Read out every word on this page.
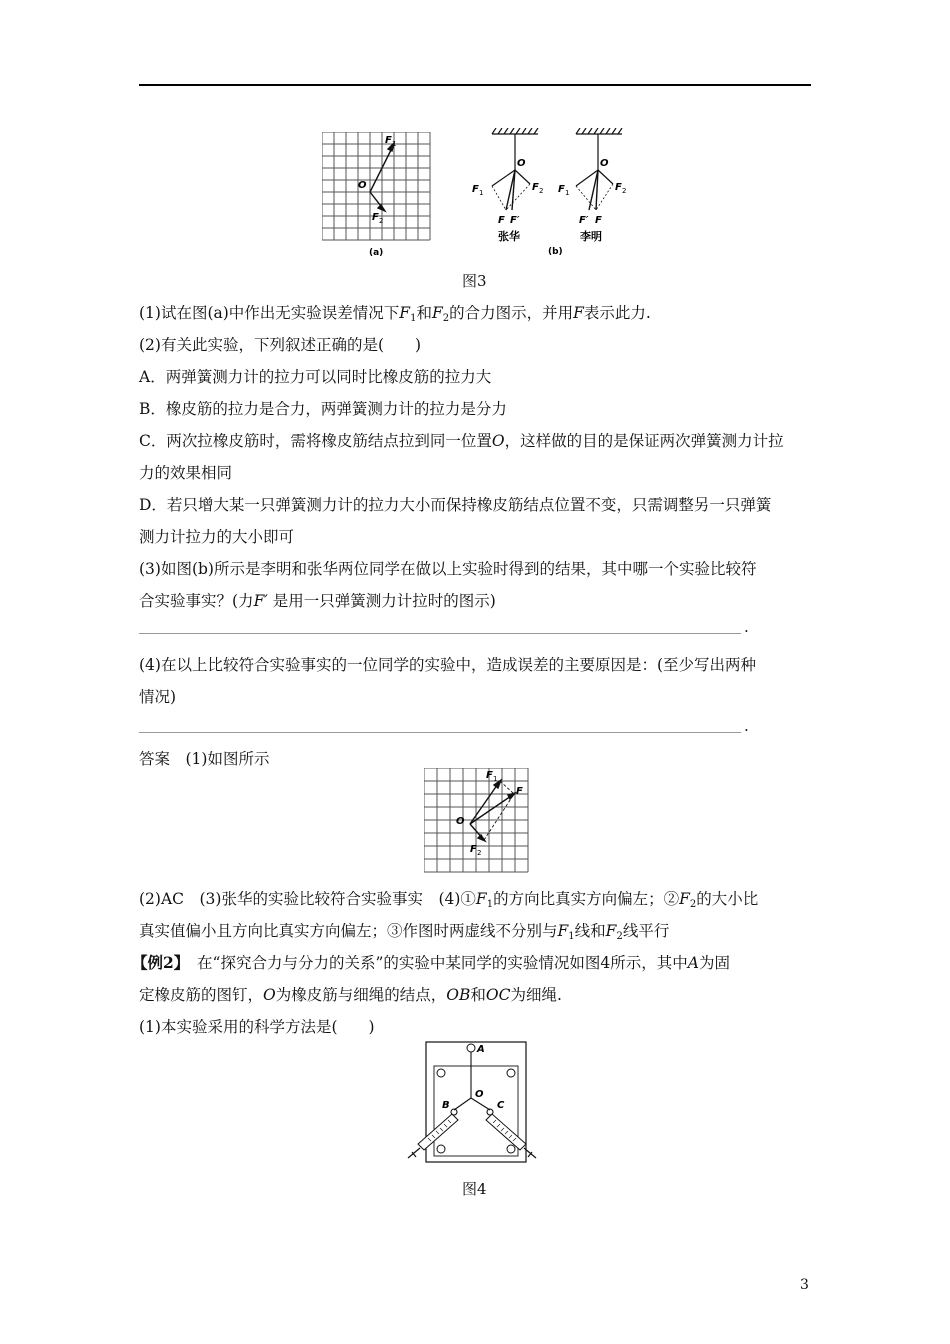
F 1
O
F 2
(a)
O
F 1	F 2
F F′
张华
(b)
O
F 1	F 2
F′ F
李明
图3
(1)试在图(a)中作出无实验误差情况下$F_1$和$F_2$的合力图示，并用F表示此力.
(2)有关此实验，下列叙述正确的是(　　)
A．两弹簧测力计的拉力可以同时比橡皮筋的拉力大
B．橡皮筋的拉力是合力，两弹簧测力计的拉力是分力
C．两次拉橡皮筋时，需将橡皮筋结点拉到同一位置O，这样做的目的是保证两次弹簧测力计拉
力的效果相同
D．若只增大某一只弹簧测力计的拉力大小而保持橡皮筋结点位置不变，只需调整另一只弹簧
测力计拉力的大小即可
(3)如图(b)所示是李明和张华两位同学在做以上实验时得到的结果，其中哪一个实验比较符
合实验事实？(力F′ 是用一只弹簧测力计拉时的图示)
.
(4)在以上比较符合实验事实的一位同学的实验中，造成误差的主要原因是：(至少写出两种
情况)
.
答案　(1)如图所示
F 1
F
O
F 2
(2)AC　(3)张华的实验比较符合实验事实　$(4)①F_1$的方向比真实方向偏左；$②F_2$的大小比
真实值偏小且方向比真实方向偏左；③作图时两虚线不分别与$F_1$线和$F_2$线平行
【例2】　在“探究合力与分力的关系”的实验中某同学的实验情况如图4所示，其中A为固
定橡皮筋的图钉，O为橡皮筋与细绳的结点，OB和OC为细绳.
(1)本实验采用的科学方法是(　　)
A
O
B	C
图4
3
